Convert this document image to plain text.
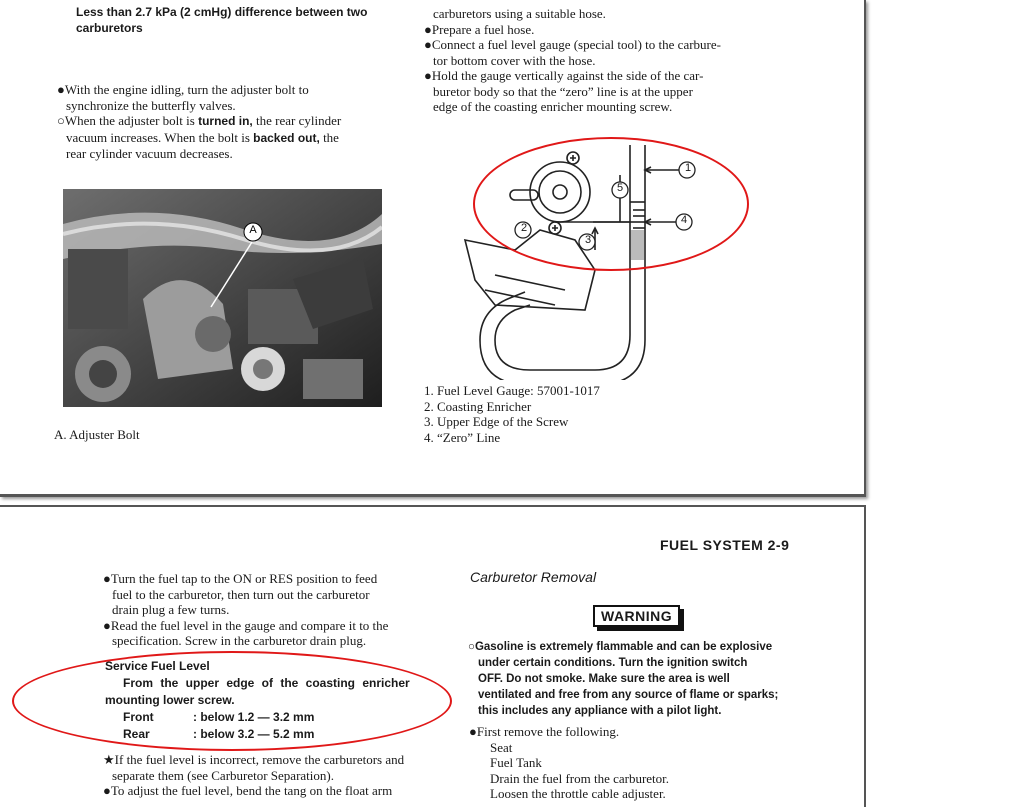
Less than 2.7 kPa (2 cmHg) difference between two
carburetors
●With the engine idling, turn the adjuster bolt to
synchronize the butterfly valves.
○When the adjuster bolt is turned in, the rear cylinder
vacuum increases. When the bolt is backed out, the
rear cylinder vacuum decreases.
A
A. Adjuster Bolt
carburetors using a suitable hose.
●Prepare a fuel hose.
●Connect a fuel level gauge (special tool) to the carbure-
tor bottom cover with the hose.
●Hold the gauge vertically against the side of the car-
buretor body so that the “zero” line is at the upper
edge of the coasting enricher mounting screw.
1
2
3
4
5
1. Fuel Level Gauge: 57001-1017
2. Coasting Enricher
3. Upper Edge of the Screw
4. “Zero” Line
FUEL SYSTEM 2-9
●Turn the fuel tap to the ON or RES position to feed
fuel to the carburetor, then turn out the carburetor
drain plug a few turns.
●Read the fuel level in the gauge and compare it to the
specification. Screw in the carburetor drain plug.
Service Fuel Level
From the upper edge of the coasting enricher
mounting lower screw.
Front	: below 1.2 — 3.2 mm
Rear	: below 3.2 — 5.2 mm
★If the fuel level is incorrect, remove the carburetors and
separate them (see Carburetor Separation).
●To adjust the fuel level, bend the tang on the float arm
Carburetor Removal
WARNING
○Gasoline is extremely flammable and can be explosive
under certain conditions. Turn the ignition switch
OFF. Do not smoke. Make sure the area is well
ventilated and free from any source of flame or sparks;
this includes any appliance with a pilot light.
●First remove the following.
Seat
Fuel Tank
Drain the fuel from the carburetor.
Loosen the throttle cable adjuster.
